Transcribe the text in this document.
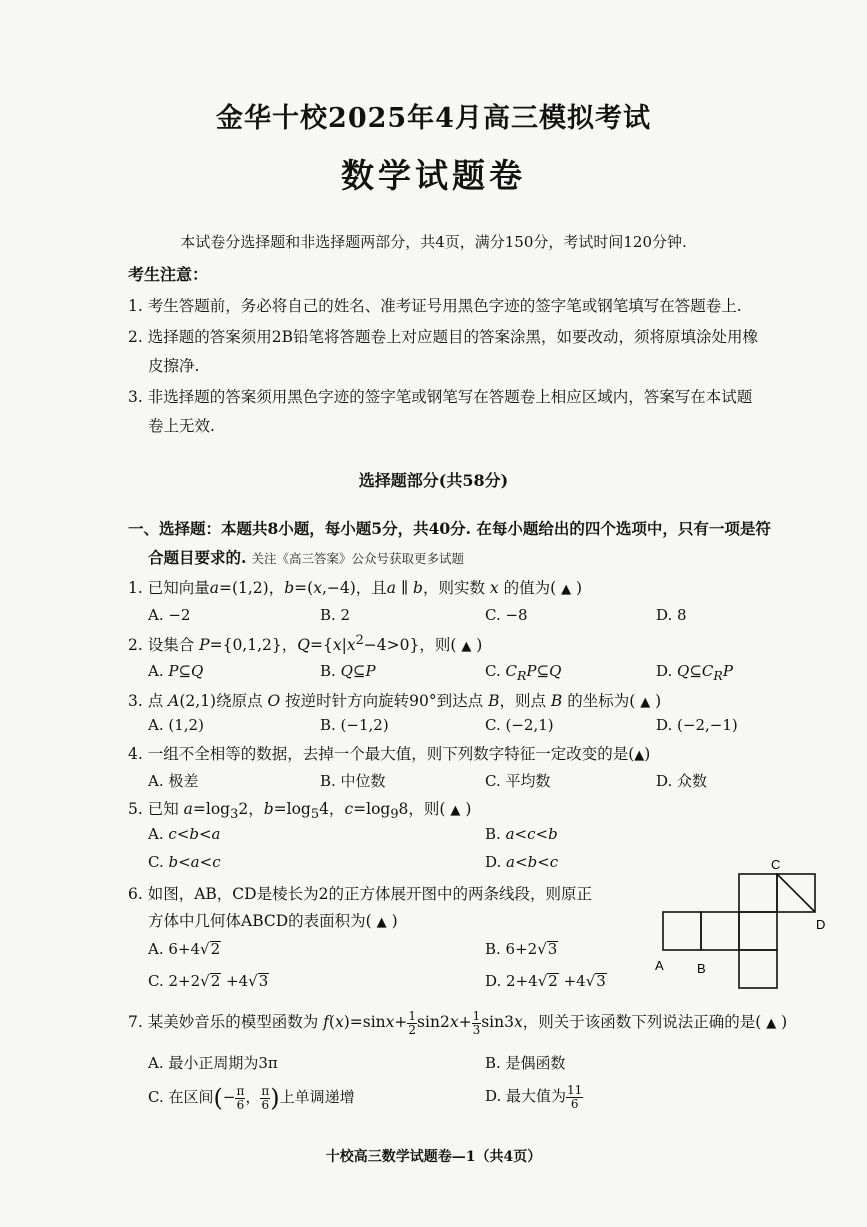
金华十校2025年4月高三模拟考试
数学试题卷
本试卷分选择题和非选择题两部分，共4页，满分150分，考试时间120分钟.
考生注意：
1. 考生答题前，务必将自己的姓名、准考证号用黑色字迹的签字笔或钢笔填写在答题卷上.
2. 选择题的答案须用2B铅笔将答题卷上对应题目的答案涂黑，如要改动，须将原填涂处用橡
皮擦净.
3. 非选择题的答案须用黑色字迹的签字笔或钢笔写在答题卷上相应区域内，答案写在本试题
卷上无效.
选择题部分(共58分)
一、选择题：本题共8小题，每小题5分，共40分. 在每小题给出的四个选项中，只有一项是符
合题目要求的. 关注《高三答案》公众号获取更多试题
1. 已知向量a=(1,2)，b=(x,−4)，且a ∥ b，则实数 x 的值为( ▲ )
A. −2	B. 2	C. −8	D. 8
2. 设集合 P={0,1,2}，$Q=\{x|x^2-4>0\}$，则( ▲ )
A. P⊆Q	B. Q⊆P	C. $C_RP⊆Q$	D. $Q⊆C_RP$
3. 点 A(2,1)绕原点 O 按逆时针方向旋转90°到达点 B，则点 B 的坐标为( ▲ )
A. (1,2)	B. (−1,2)	C. (−2,1)	D. (−2,−1)
4. 一组不全相等的数据，去掉一个最大值，则下列数字特征一定改变的是(▲)
A. 极差	B. 中位数	C. 平均数	D. 众数
5. 已知 $a=\log_32$，$b=\log_54$，$c=\log_98$，则( ▲ )
A. c<b<a	B. a<c<b
C. b<a<c	D. a<b<c
6. 如图，AB，CD是棱长为2的正方体展开图中的两条线段，则原正
方体中几何体ABCD的表面积为( ▲ )
A. 6+4√2	B. 6+2√3
C. 2+2√2 +4√3	D. 2+4√2 +4√3
A	B
C
D
7. 某美妙音乐的模型函数为 $f(x)=\sin x+ \frac{1}{2} \sin 2x+ \frac{1}{3} \sin 3x$，则关于该函数下列说法正确的是( ▲ )
A. 最小正周期为3π	B. 是偶函数
C. 在区间(− $\frac{\pi}{6}$ ， $\frac{\pi}{6}$ )上单调递增	D. 最大值为 $\frac{11}{6}$
十校高三数学试题卷—1（共4页）
